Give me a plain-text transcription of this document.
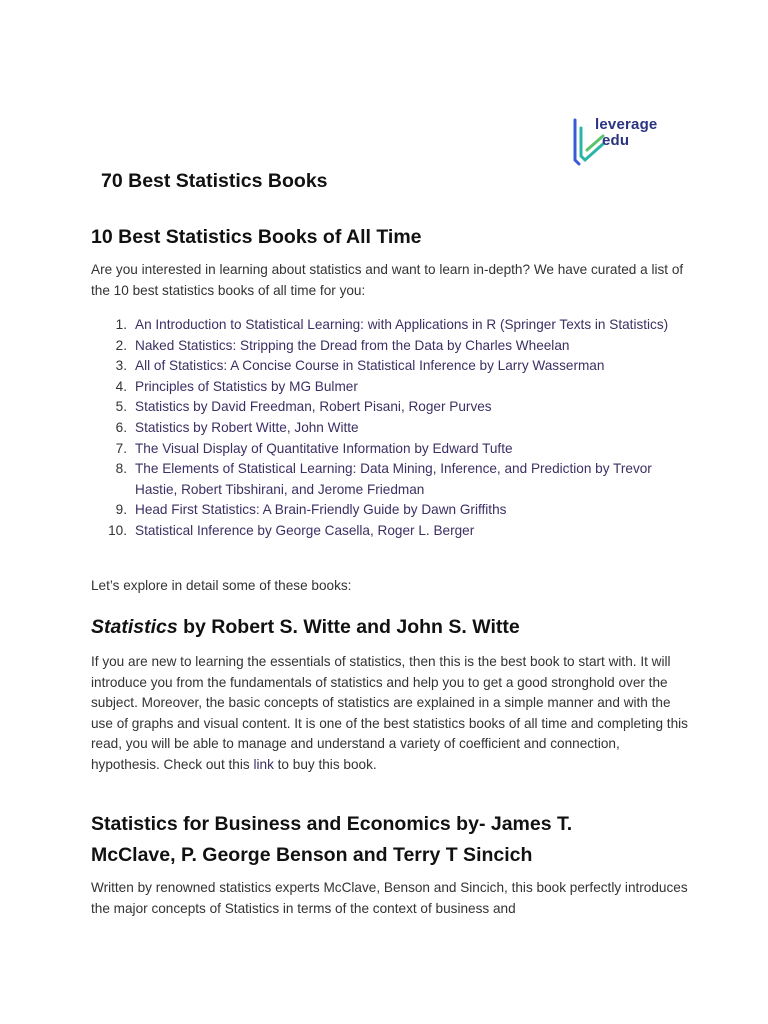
leverage
edu
70 Best Statistics Books
10 Best Statistics Books of All Time

Are you interested in learning about statistics and want to learn in-depth? We have curated a list of the 10 best statistics books of all time for you:

1. An Introduction to Statistical Learning: with Applications in R (Springer Texts in Statistics)
2. Naked Statistics: Stripping the Dread from the Data by Charles Wheelan
3. All of Statistics: A Concise Course in Statistical Inference by Larry Wasserman
4. Principles of Statistics by MG Bulmer
5. Statistics by David Freedman, Robert Pisani, Roger Purves
6. Statistics by Robert Witte, John Witte
7. The Visual Display of Quantitative Information by Edward Tufte
8. The Elements of Statistical Learning: Data Mining, Inference, and Prediction by Trevor Hastie, Robert Tibshirani, and Jerome Friedman
9. Head First Statistics: A Brain-Friendly Guide by Dawn Griffiths
10. Statistical Inference by George Casella, Roger L. Berger

Let’s explore in detail some of these books:

Statistics by Robert S. Witte and John S. Witte

If you are new to learning the essentials of statistics, then this is the best book to start with. It will introduce you from the fundamentals of statistics and help you to get a good stronghold over the subject. Moreover, the basic concepts of statistics are explained in a simple manner and with the use of graphs and visual content. It is one of the best statistics books of all time and completing this read, you will be able to manage and understand a variety of coefficient and connection, hypothesis. Check out this link to buy this book.

Statistics for Business and Economics by- James T. McClave, P. George Benson and Terry T Sincich

Written by renowned statistics experts McClave, Benson and Sincich, this book perfectly introduces the major concepts of Statistics in terms of the context of business and
